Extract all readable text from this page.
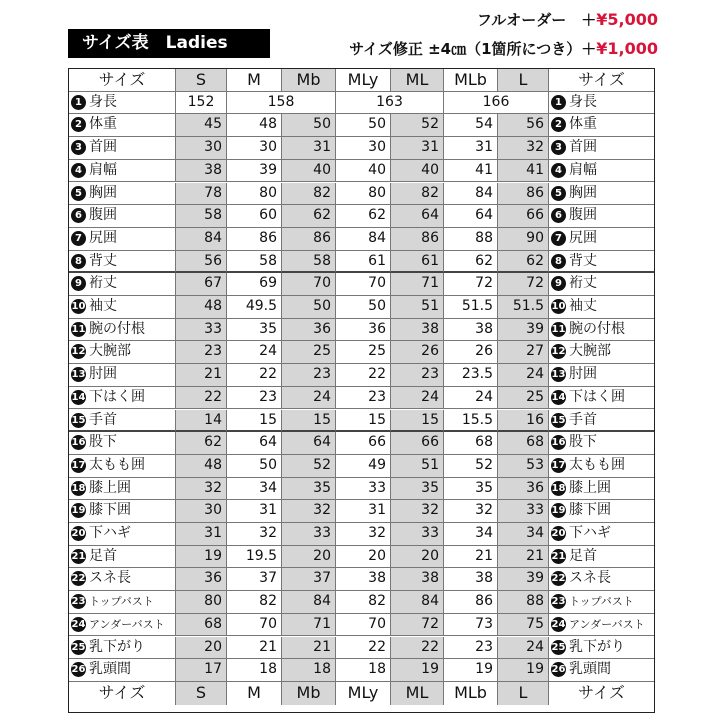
サイズ表　Ladies
フルオーダー　＋¥5,000
サイズ修正 ±4㎝（1箇所につき）＋¥1,000
サイズ	S	M	Mb	MLy	ML	MLb	L	サイズ
1 身長	152	158	163	166	1 身長
2 体重	45	48	50	50	52	54	56	2 体重
3 首囲	30	30	31	30	31	31	32	3 首囲
4 肩幅	38	39	40	40	40	41	41	4 肩幅
5 胸囲	78	80	82	80	82	84	86	5 胸囲
6 腹囲	58	60	62	62	64	64	66	6 腹囲
7 尻囲	84	86	86	84	86	88	90	7 尻囲
8 背丈	56	58	58	61	61	62	62	8 背丈
9 裄丈	67	69	70	70	71	72	72	9 裄丈
10 袖丈	48	49.5	50	50	51	51.5	51.5 10 袖丈
11 腕の付根	33	35	36	36	38	38	39 11 腕の付根
12 大腕部	23	24	25	25	26	26	27 12 大腕部
13 肘囲	21	22	23	22	23	23.5	24 13 肘囲
14 下はく囲	22	23	24	23	24	24	25 14 下はく囲
15 手首	14	15	15	15	15	15.5	16 15 手首
16 股下	62	64	64	66	66	68	68 16 股下
17 太もも囲	48	50	52	49	51	52	53 17 太もも囲
18 膝上囲	32	34	35	33	35	35	36 18 膝上囲
19 膝下囲	30	31	32	31	32	32	33 19 膝下囲
20 下ハギ	31	32	33	32	33	34	34 20 下ハギ
21 足首	19	19.5	20	20	20	21	21 21 足首
22 スネ長	36	37	37	38	38	38	39 22 スネ長
23 トップバスト	80	82	84	82	84	86	88 23 トップバスト
24 アンダーバスト	68	70	71	70	72	73	75 24 アンダーバスト
25 乳下がり	20	21	21	22	22	23	24 25 乳下がり
26 乳頭間	17	18	18	18	19	19	19 26 乳頭間
サイズ	S	M	Mb	MLy	ML	MLb	L	サイズ
